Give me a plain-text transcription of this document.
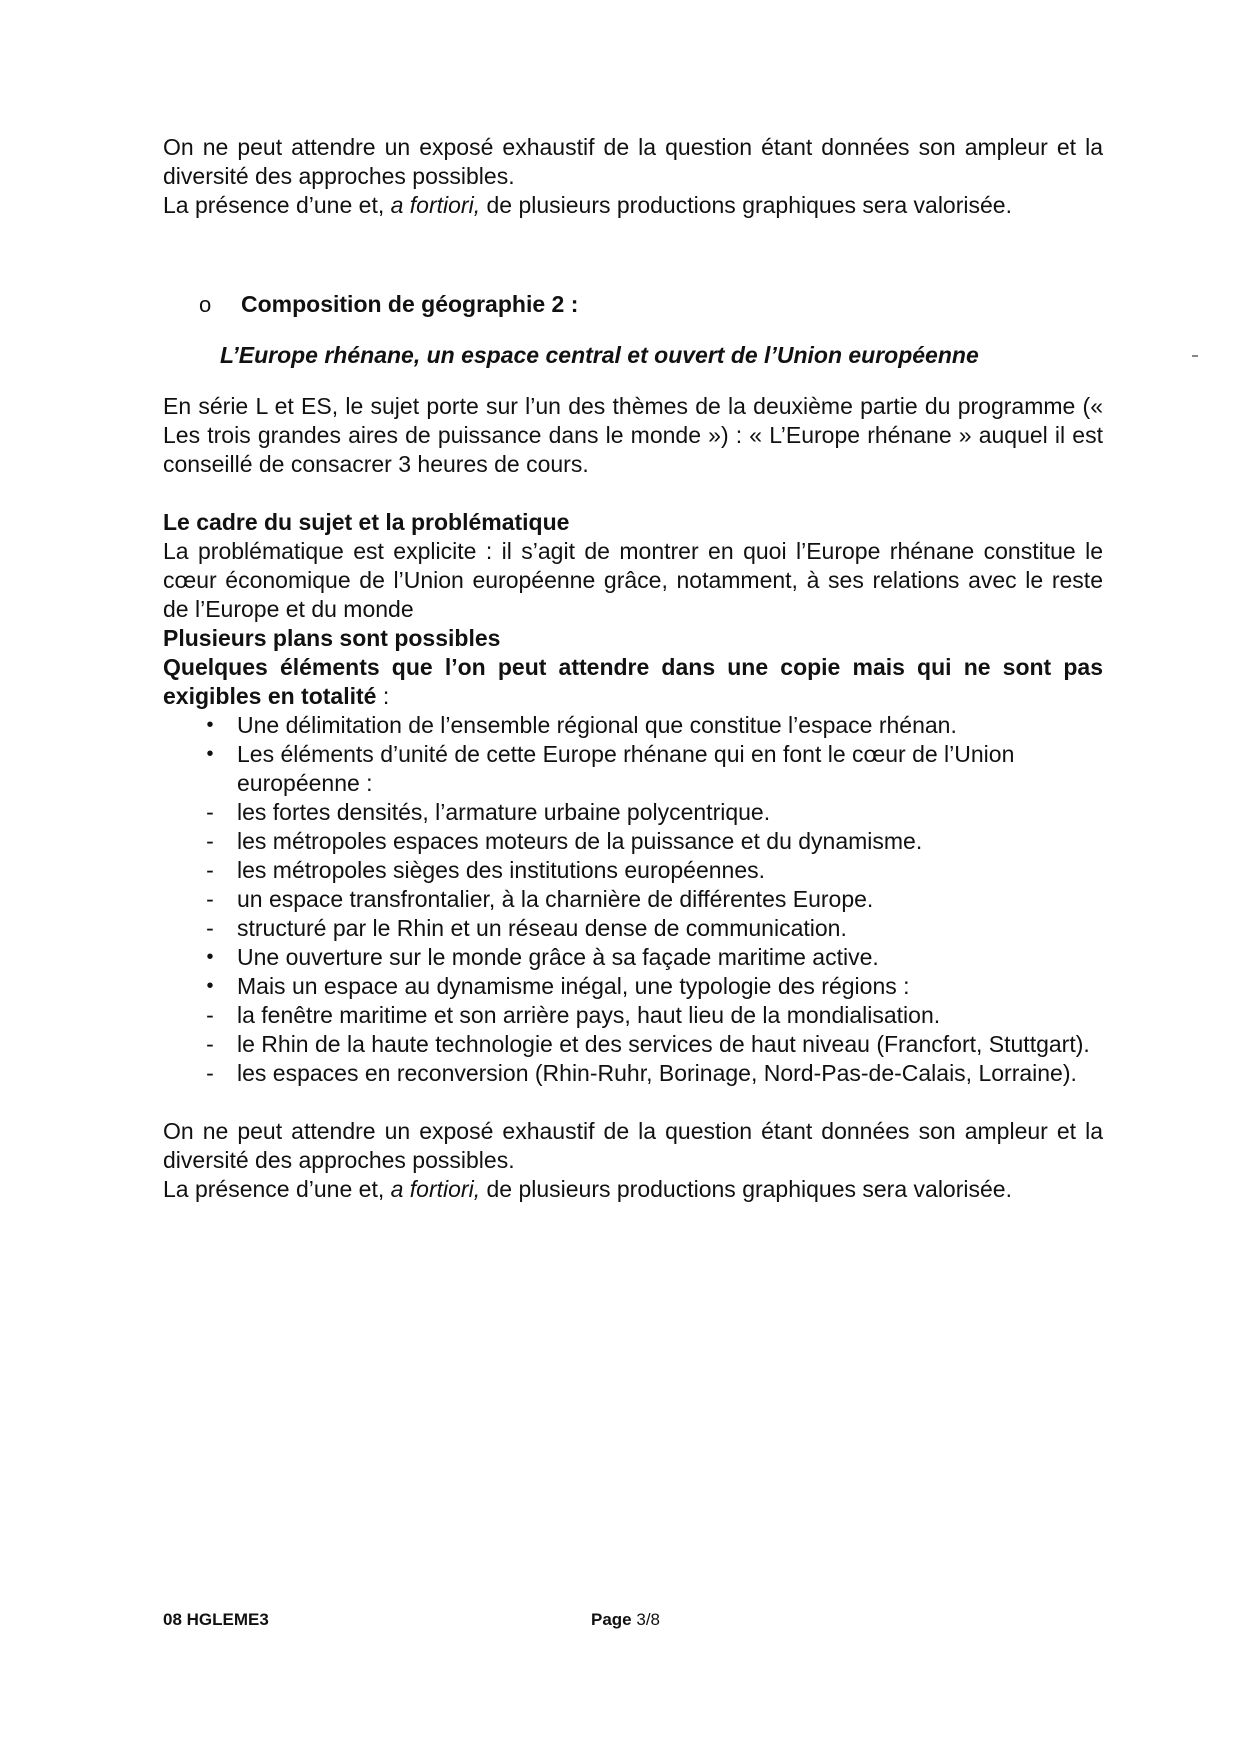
On ne peut attendre un exposé exhaustif de la question étant données son ampleur et la diversité des approches possibles.
La présence d’une et, a fortiori, de plusieurs productions graphiques sera valorisée.

o	Composition de géographie 2 :

L’Europe rhénane, un espace central et ouvert de l’Union européenne

En série L et ES, le sujet porte sur l’un des thèmes de la deuxième partie du programme (« Les trois grandes aires de puissance dans le monde ») : « L’Europe rhénane » auquel il est conseillé de consacrer 3 heures de cours.

Le cadre du sujet et la problématique

La problématique est explicite : il s’agit de montrer en quoi l’Europe rhénane constitue le cœur économique de l’Union européenne grâce, notamment, à ses relations avec le reste de l’Europe et du monde

Plusieurs plans sont possibles

Quelques éléments que l’on peut attendre dans une copie mais qui ne sont pas exigibles en totalité :

• Une délimitation de l’ensemble régional que constitue l’espace rhénan.
• Les éléments d’unité de cette Europe rhénane qui en font le cœur de l’Union européenne :
- les fortes densités, l’armature urbaine polycentrique.
- les métropoles espaces moteurs de la puissance et du dynamisme.
- les métropoles sièges des institutions européennes.
- un espace transfrontalier, à la charnière de différentes Europe.
- structuré par le Rhin et un réseau dense de communication.
• Une ouverture sur le monde grâce à sa façade maritime active.
• Mais un espace au dynamisme inégal, une typologie des régions :
- la fenêtre maritime et son arrière pays, haut lieu de la mondialisation.
- le Rhin de la haute technologie et des services de haut niveau (Francfort, Stuttgart).
- les espaces en reconversion (Rhin-Ruhr, Borinage, Nord-Pas-de-Calais, Lorraine).

On ne peut attendre un exposé exhaustif de la question étant données son ampleur et la diversité des approches possibles.
La présence d’une et, a fortiori, de plusieurs productions graphiques sera valorisée.

08 HGLEME3	Page 3/8
